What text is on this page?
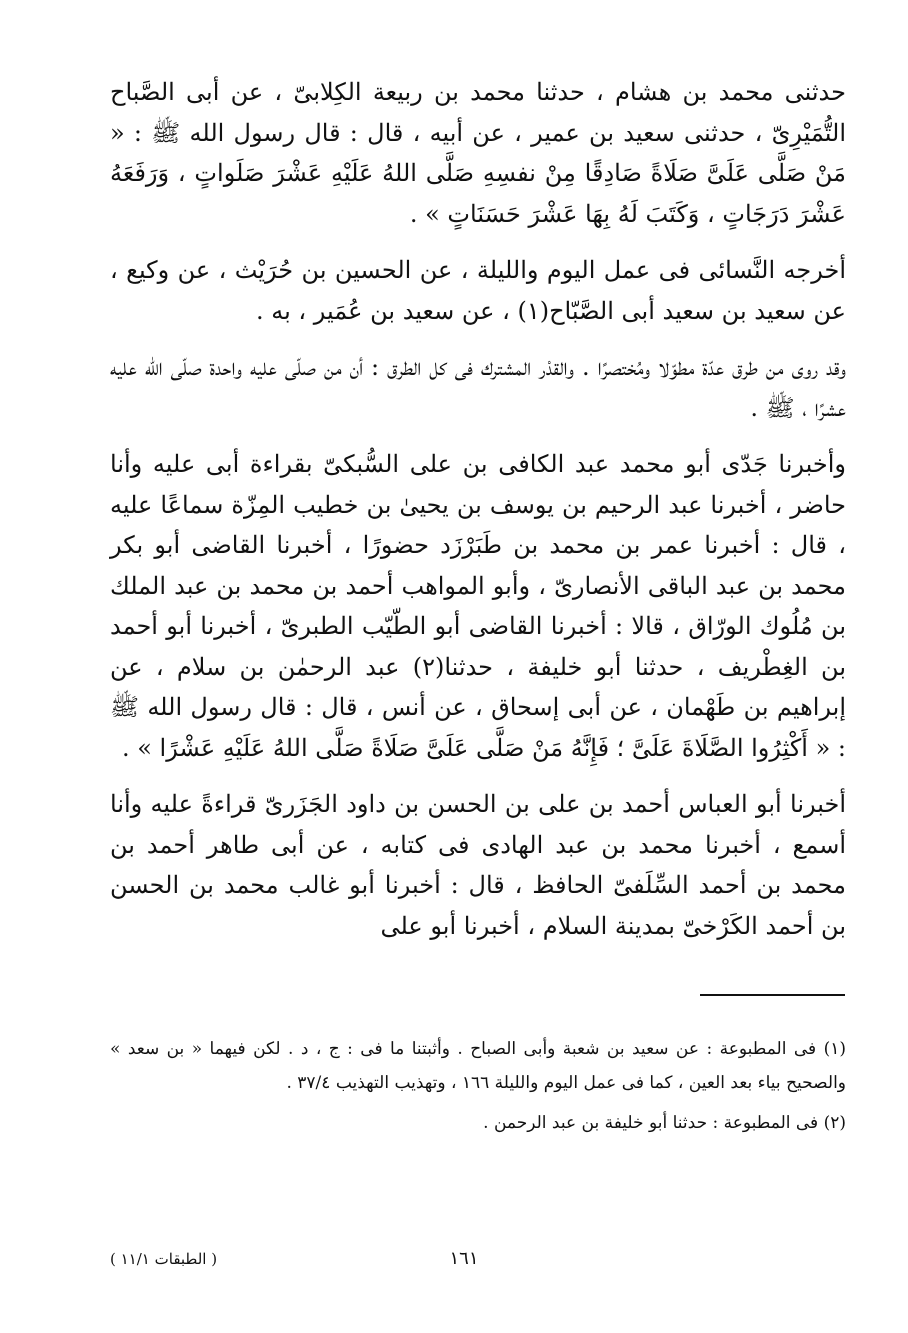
حدثنى محمد بن هشام ، حدثنا محمد بن ربيعة الكِلابىّ ، عن أبى الصَّباح التُّمَيْرِىّ ، حدثنى سعيد بن عمير ، عن أبيه ، قال : قال رسول الله ﷺ : « مَنْ صَلَّى عَلَىَّ صَلَاةً صَادِقًا مِنْ نفسِهِ صَلَّى اللهُ عَلَيْهِ عَشْرَ صَلَواتٍ ، وَرَفَعَهُ عَشْرَ دَرَجَاتٍ ، وَكَتَبَ لَهُ بِهَا عَشْرَ حَسَنَاتٍ » .

أخرجه النَّسائى فى عمل اليوم والليلة ، عن الحسين بن حُرَيْث ، عن وكيع ، عن سعيد بن سعيد أبى الصَّبّاح(١) ، عن سعيد بن عُمَير ، به .

وقد روى من طرق عدّة مطوّلا ومُختصرًا . والقدْر المشترك فى كل الطرق : أن من صلّى عليه واحدة صلّى الله عليه عشرًا ، ﷺ .

وأخبرنا جَدّى أبو محمد عبد الكافى بن على السُّبكىّ بقراءة أبى عليه وأنا حاضر ، أخبرنا عبد الرحيم بن يوسف بن يحيىٰ بن خطيب المِزّة سماعًا عليه ، قال : أخبرنا عمر بن محمد بن طَبَرْزَد حضورًا ، أخبرنا القاضى أبو بكر محمد بن عبد الباقى الأنصارىّ ، وأبو المواهب أحمد بن محمد بن عبد الملك بن مُلُوك الورّاق ، قالا : أخبرنا القاضى أبو الطّيّب الطبرىّ ، أخبرنا أبو أحمد بن الغِطْريف ، حدثنا أبو خليفة ، حدثنا(٢) عبد الرحمٰن بن سلام ، عن إبراهيم بن طَهْمان ، عن أبى إسحاق ، عن أنس ، قال : قال رسول الله ﷺ : « أَكْثِرُوا الصَّلَاةَ عَلَىَّ ؛ فَإِنَّهُ مَنْ صَلَّى عَلَىَّ صَلَاةً صَلَّى اللهُ عَلَيْهِ عَشْرًا » .

أخبرنا أبو العباس أحمد بن على بن الحسن بن داود الجَزَرىّ قراءةً عليه وأنا أسمع ، أخبرنا محمد بن عبد الهادى فى كتابه ، عن أبى طاهر أحمد بن محمد بن أحمد السِّلَفىّ الحافظ ، قال : أخبرنا أبو غالب محمد بن الحسن بن أحمد الكَرْخىّ بمدينة السلام ، أخبرنا أبو على

(١) فى المطبوعة : عن سعيد بن شعبة وأبى الصباح . وأثبتنا ما فى : ج ، د . لكن فيهما « بن سعد » والصحيح بياء بعد العين ، كما فى عمل اليوم والليلة ١٦٦ ، وتهذيب التهذيب ٣٧/٤ .

(٢) فى المطبوعة : حدثنا أبو خليفة بن عبد الرحمن .

١٦١
( الطبقات ١١/١ )
